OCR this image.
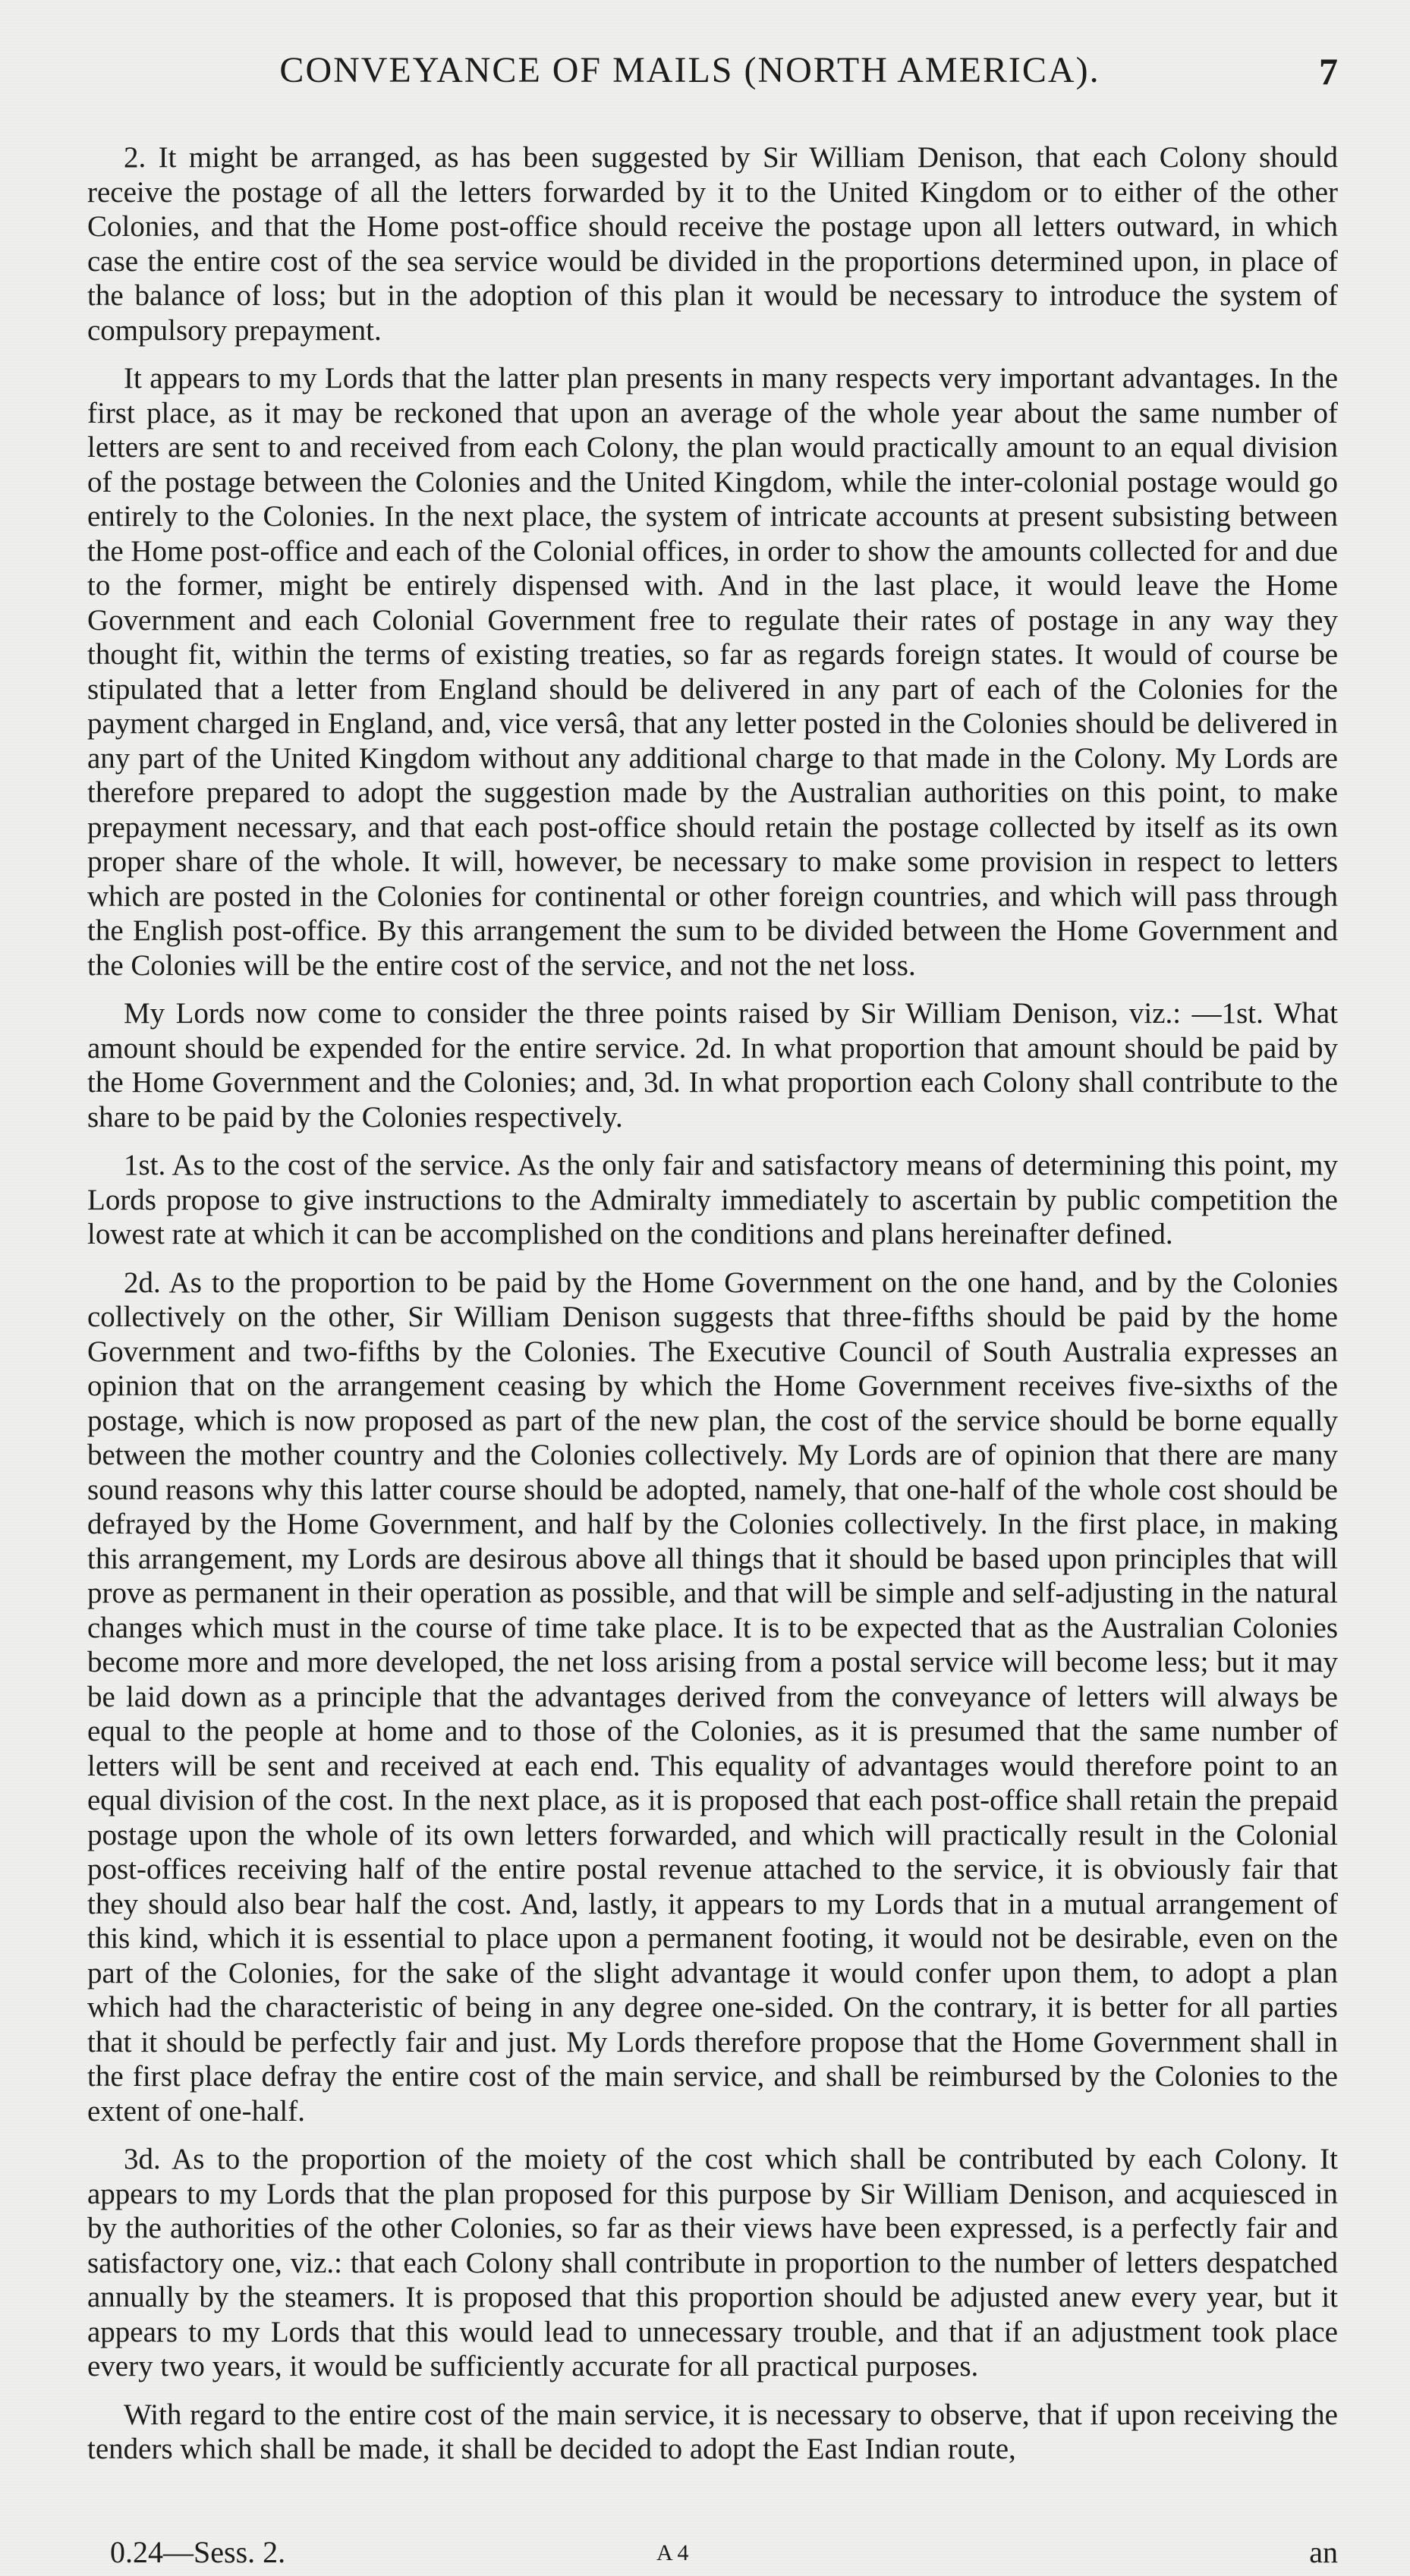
CONVEYANCE OF MAILS (NORTH AMERICA).	7

2. It might be arranged, as has been suggested by Sir William Denison, that each Colony should receive the postage of all the letters forwarded by it to the United Kingdom or to either of the other Colonies, and that the Home post-office should receive the postage upon all letters outward, in which case the entire cost of the sea service would be divided in the proportions determined upon, in place of the balance of loss; but in the adoption of this plan it would be necessary to introduce the system of compulsory prepayment.

It appears to my Lords that the latter plan presents in many respects very important advantages. In the first place, as it may be reckoned that upon an average of the whole year about the same number of letters are sent to and received from each Colony, the plan would practically amount to an equal division of the postage between the Colonies and the United Kingdom, while the inter-colonial postage would go entirely to the Colonies. In the next place, the system of intricate accounts at present subsisting between the Home post-office and each of the Colonial offices, in order to show the amounts collected for and due to the former, might be entirely dispensed with. And in the last place, it would leave the Home Government and each Colonial Government free to regulate their rates of postage in any way they thought fit, within the terms of existing treaties, so far as regards foreign states. It would of course be stipulated that a letter from England should be delivered in any part of each of the Colonies for the payment charged in England, and, vice versâ, that any letter posted in the Colonies should be delivered in any part of the United Kingdom without any additional charge to that made in the Colony. My Lords are therefore prepared to adopt the suggestion made by the Australian authorities on this point, to make prepayment necessary, and that each post-office should retain the postage collected by itself as its own proper share of the whole. It will, however, be necessary to make some provision in respect to letters which are posted in the Colonies for continental or other foreign countries, and which will pass through the English post-office. By this arrangement the sum to be divided between the Home Government and the Colonies will be the entire cost of the service, and not the net loss.

My Lords now come to consider the three points raised by Sir William Denison, viz.: —1st. What amount should be expended for the entire service. 2d. In what proportion that amount should be paid by the Home Government and the Colonies; and, 3d. In what proportion each Colony shall contribute to the share to be paid by the Colonies respectively.

1st. As to the cost of the service. As the only fair and satisfactory means of determining this point, my Lords propose to give instructions to the Admiralty immediately to ascertain by public competition the lowest rate at which it can be accomplished on the conditions and plans hereinafter defined.

2d. As to the proportion to be paid by the Home Government on the one hand, and by the Colonies collectively on the other, Sir William Denison suggests that three-fifths should be paid by the home Government and two-fifths by the Colonies. The Executive Council of South Australia expresses an opinion that on the arrangement ceasing by which the Home Government receives five-sixths of the postage, which is now proposed as part of the new plan, the cost of the service should be borne equally between the mother country and the Colonies collectively. My Lords are of opinion that there are many sound reasons why this latter course should be adopted, namely, that one-half of the whole cost should be defrayed by the Home Government, and half by the Colonies collectively. In the first place, in making this arrangement, my Lords are desirous above all things that it should be based upon principles that will prove as permanent in their operation as possible, and that will be simple and self-adjusting in the natural changes which must in the course of time take place. It is to be expected that as the Australian Colonies become more and more developed, the net loss arising from a postal service will become less; but it may be laid down as a principle that the advantages derived from the conveyance of letters will always be equal to the people at home and to those of the Colonies, as it is presumed that the same number of letters will be sent and received at each end. This equality of advantages would therefore point to an equal division of the cost. In the next place, as it is proposed that each post-office shall retain the prepaid postage upon the whole of its own letters forwarded, and which will practically result in the Colonial post-offices receiving half of the entire postal revenue attached to the service, it is obviously fair that they should also bear half the cost. And, lastly, it appears to my Lords that in a mutual arrangement of this kind, which it is essential to place upon a permanent footing, it would not be desirable, even on the part of the Colonies, for the sake of the slight advantage it would confer upon them, to adopt a plan which had the characteristic of being in any degree one-sided. On the contrary, it is better for all parties that it should be perfectly fair and just. My Lords therefore propose that the Home Government shall in the first place defray the entire cost of the main service, and shall be reimbursed by the Colonies to the extent of one-half.

3d. As to the proportion of the moiety of the cost which shall be contributed by each Colony. It appears to my Lords that the plan proposed for this purpose by Sir William Denison, and acquiesced in by the authorities of the other Colonies, so far as their views have been expressed, is a perfectly fair and satisfactory one, viz.: that each Colony shall contribute in proportion to the number of letters despatched annually by the steamers. It is proposed that this proportion should be adjusted anew every year, but it appears to my Lords that this would lead to unnecessary trouble, and that if an adjustment took place every two years, it would be sufficiently accurate for all practical purposes.

With regard to the entire cost of the main service, it is necessary to observe, that if upon receiving the tenders which shall be made, it shall be decided to adopt the East Indian route,

0.24—Sess. 2.	A 4	an
